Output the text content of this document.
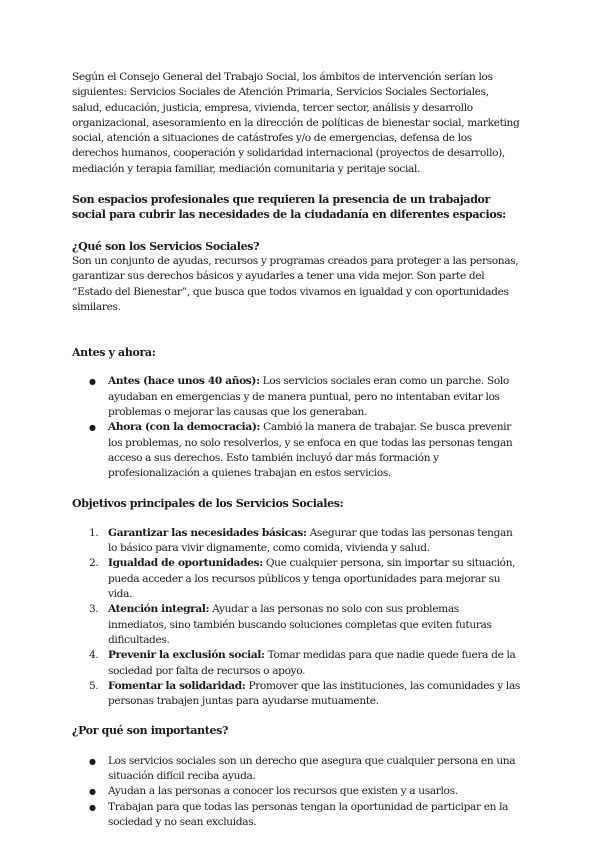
Según el Consejo General del Trabajo Social, los ámbitos de intervención serían los siguientes: Servicios Sociales de Atención Primaria, Servicios Sociales Sectoriales, salud, educación, justicia, empresa, vivienda, tercer sector, análisis y desarrollo organizacional, asesoramiento en la dirección de políticas de bienestar social, marketing social, atención a situaciones de catástrofes y/o de emergencias, defensa de los derechos humanos, cooperación y solidaridad internacional (proyectos de desarrollo), mediación y terapia familiar, mediación comunitaria y peritaje social.

Son espacios profesionales que requieren la presencia de un trabajador social para cubrir las necesidades de la ciudadanía en diferentes espacios:

¿Qué son los Servicios Sociales?

Son un conjunto de ayudas, recursos y programas creados para proteger a las personas, garantizar sus derechos básicos y ayudarles a tener una vida mejor. Son parte del “Estado del Bienestar”, que busca que todos vivamos en igualdad y con oportunidades similares.

Antes y ahora:

● Antes (hace unos 40 años): Los servicios sociales eran como un parche. Solo ayudaban en emergencias y de manera puntual, pero no intentaban evitar los problemas o mejorar las causas que los generaban.
● Ahora (con la democracia): Cambió la manera de trabajar. Se busca prevenir los problemas, no solo resolverlos, y se enfoca en que todas las personas tengan acceso a sus derechos. Esto también incluyó dar más formación y profesionalización a quienes trabajan en estos servicios.

Objetivos principales de los Servicios Sociales:

1. Garantizar las necesidades básicas: Asegurar que todas las personas tengan lo básico para vivir dignamente, como comida, vivienda y salud.
2. Igualdad de oportunidades: Que cualquier persona, sin importar su situación, pueda acceder a los recursos públicos y tenga oportunidades para mejorar su vida.
3. Atención integral: Ayudar a las personas no solo con sus problemas inmediatos, sino también buscando soluciones completas que eviten futuras dificultades.
4. Prevenir la exclusión social: Tomar medidas para que nadie quede fuera de la sociedad por falta de recursos o apoyo.
5. Fomentar la solidaridad: Promover que las instituciones, las comunidades y las personas trabajen juntas para ayudarse mutuamente.

¿Por qué son importantes?

● Los servicios sociales son un derecho que asegura que cualquier persona en una situación difícil reciba ayuda.
● Ayudan a las personas a conocer los recursos que existen y a usarlos.
● Trabajan para que todas las personas tengan la oportunidad de participar en la sociedad y no sean excluidas.
